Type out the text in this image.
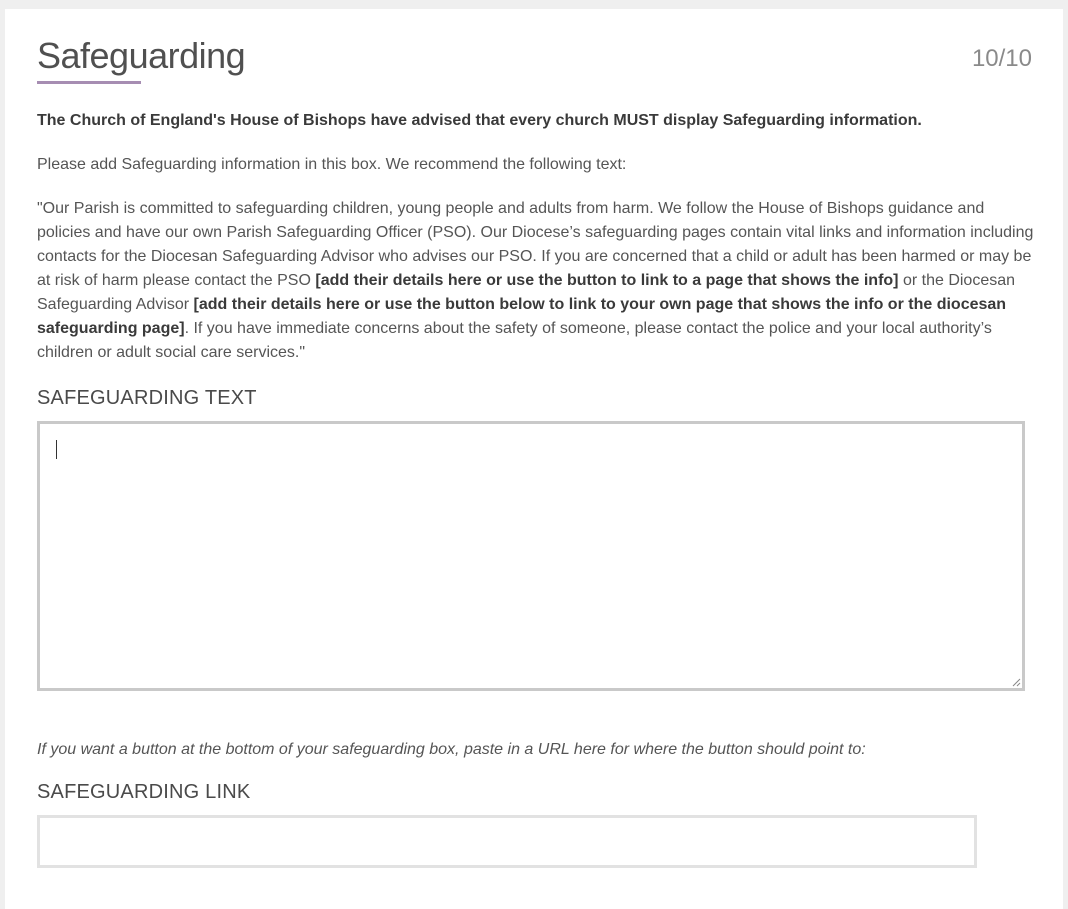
Safeguarding	10/10

The Church of England's House of Bishops have advised that every church MUST display Safeguarding information.

Please add Safeguarding information in this box. We recommend the following text:

"Our Parish is committed to safeguarding children, young people and adults from harm. We follow the House of Bishops guidance and policies and have our own Parish Safeguarding Officer (PSO). Our Diocese’s safeguarding pages contain vital links and information including contacts for the Diocesan Safeguarding Advisor who advises our PSO. If you are concerned that a child or adult has been harmed or may be at risk of harm please contact the PSO [add their details here or use the button to link to a page that shows the info] or the Diocesan Safeguarding Advisor [add their details here or use the button below to link to your own page that shows the info or the diocesan safeguarding page]. If you have immediate concerns about the safety of someone, please contact the police and your local authority’s children or adult social care services."

SAFEGUARDING TEXT
If you want a button at the bottom of your safeguarding box, paste in a URL here for where the button should point to:
SAFEGUARDING LINK
